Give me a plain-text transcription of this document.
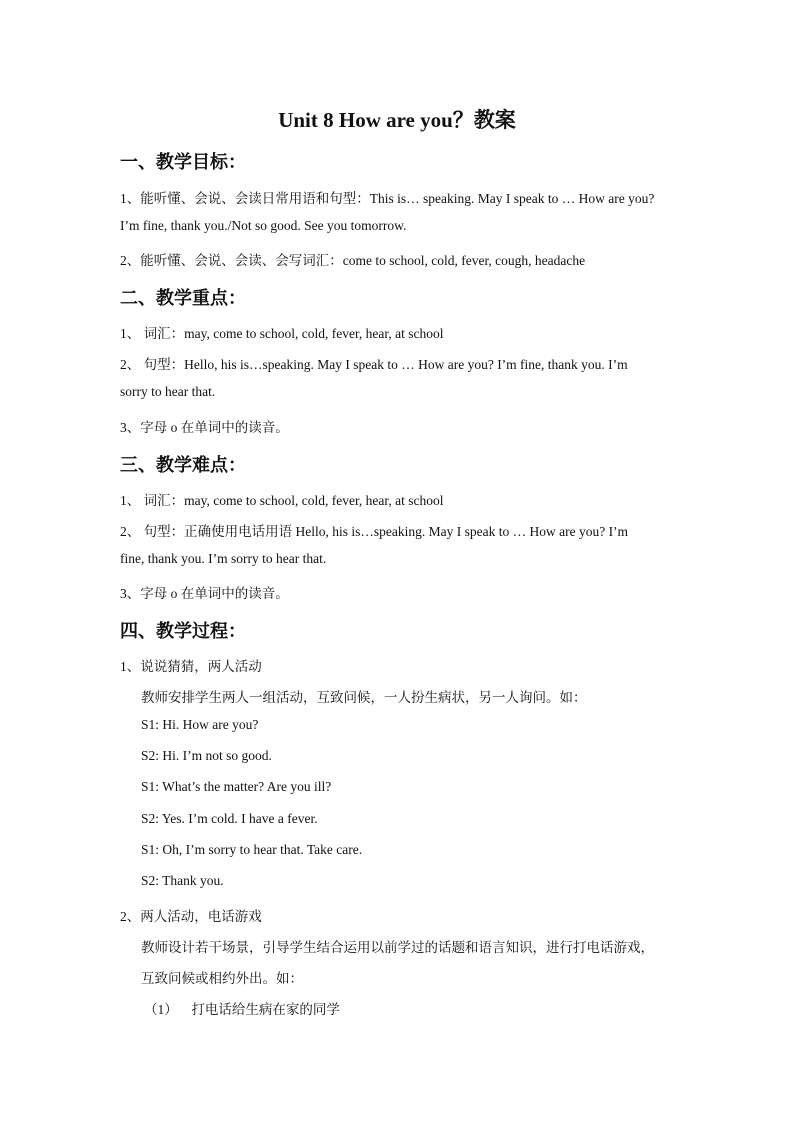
Unit 8 How are you？教案
一、教学目标：
1、能听懂、会说、会读日常用语和句型：This is… speaking. May I speak to … How are you?
I’m fine, thank you./Not so good. See you tomorrow.
2、能听懂、会说、会读、会写词汇：come to school, cold, fever, cough, headache
二、教学重点：
1、 词汇：may, come to school, cold, fever, hear, at school
2、 句型：Hello, his is…speaking. May I speak to … How are you? I’m fine, thank you. I’m
sorry to hear that.
3、字母 o 在单词中的读音。
三、教学难点：
1、 词汇：may, come to school, cold, fever, hear, at school
2、 句型：正确使用电话用语 Hello, his is…speaking. May I speak to … How are you? I’m
fine, thank you. I’m sorry to hear that.
3、字母 o 在单词中的读音。
四、教学过程：
1、说说猜猜，两人活动
教师安排学生两人一组活动，互致问候，一人扮生病状，另一人询问。如：
S1: Hi. How are you?
S2: Hi. I’m not so good.
S1: What’s the matter? Are you ill?
S2: Yes. I’m cold. I have a fever.
S1: Oh, I’m sorry to hear that. Take care.
S2: Thank you.
2、两人活动，电话游戏
教师设计若干场景，引导学生结合运用以前学过的话题和语言知识，进行打电话游戏，
互致问候或相约外出。如：
（1） 打电话给生病在家的同学
